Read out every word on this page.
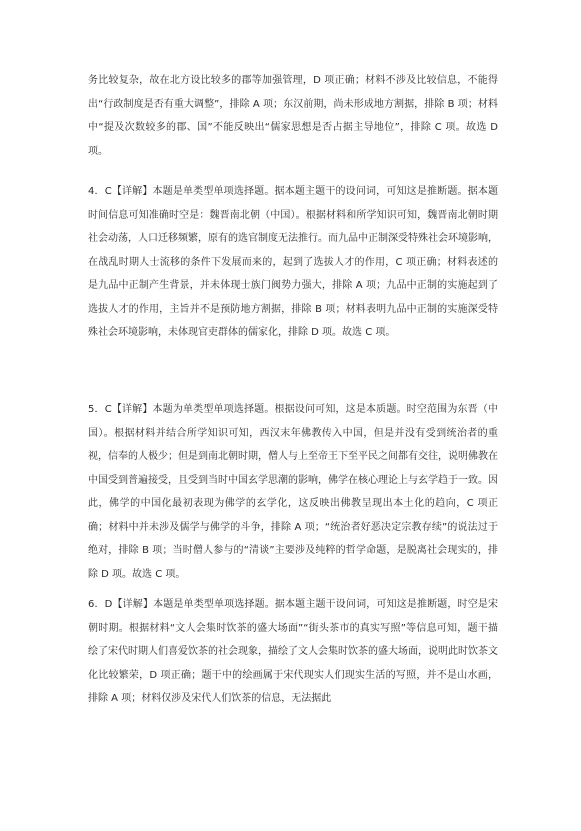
务比较复杂，故在北方设比较多的郡等加强管理，D 项正确；材料不涉及比较信息，不能得出“行政制度是否有重大调整”，排除 A 项；东汉前期，尚未形成地方割据，排除 B 项；材料中“提及次数较多的郡、国”不能反映出“儒家思想是否占据主导地位”，排除 C 项。故选 D 项。

4．C【详解】本题是单类型单项选择题。据本题主题干的设问词，可知这是推断题。据本题时间信息可知准确时空是：魏晋南北朝（中国）。根据材料和所学知识可知，魏晋南北朝时期社会动荡，人口迁移频繁，原有的选官制度无法推行。而九品中正制深受特殊社会环境影响，在战乱时期人士流移的条件下发展而来的，起到了选拔人才的作用，C 项正确；材料表述的是九品中正制产生背景，并未体现士族门阀势力强大，排除 A 项；九品中正制的实施起到了选拔人才的作用，主旨并不是预防地方割据，排除 B 项；材料表明九品中正制的实施深受特殊社会环境影响，未体现官吏群体的儒家化，排除 D 项。故选 C 项。

5．C【详解】本题为单类型单项选择题。根据设问可知，这是本质题。时空范围为东晋（中国）。根据材料并结合所学知识可知，西汉末年佛教传入中国，但是并没有受到统治者的重视，信奉的人极少；但是到南北朝时期，僧人与上至帝王下至平民之间都有交往，说明佛教在中国受到普遍接受，且受到当时中国玄学思潮的影响，佛学在核心理论上与玄学趋于一致。因此，佛学的中国化最初表现为佛学的玄学化，这反映出佛教呈现出本土化的趋向，C 项正确；材料中并未涉及儒学与佛学的斗争，排除 A 项；“统治者好恶决定宗教存续”的说法过于绝对，排除 B 项；当时僧人参与的“清谈”主要涉及纯粹的哲学命题，是脱离社会现实的，排除 D 项。故选 C 项。

6．D【详解】本题是单类型单项选择题。据本题主题干设问词，可知这是推断题，时空是宋朝时期。根据材料“文人会集时饮茶的盛大场面”“街头茶市的真实写照”等信息可知，题干描绘了宋代时期人们喜爱饮茶的社会现象，描绘了文人会集时饮茶的盛大场面，说明此时饮茶文化比较繁荣，D 项正确；题干中的绘画属于宋代现实人们现实生活的写照，并不是山水画，排除 A 项；材料仅涉及宋代人们饮茶的信息，无法据此
